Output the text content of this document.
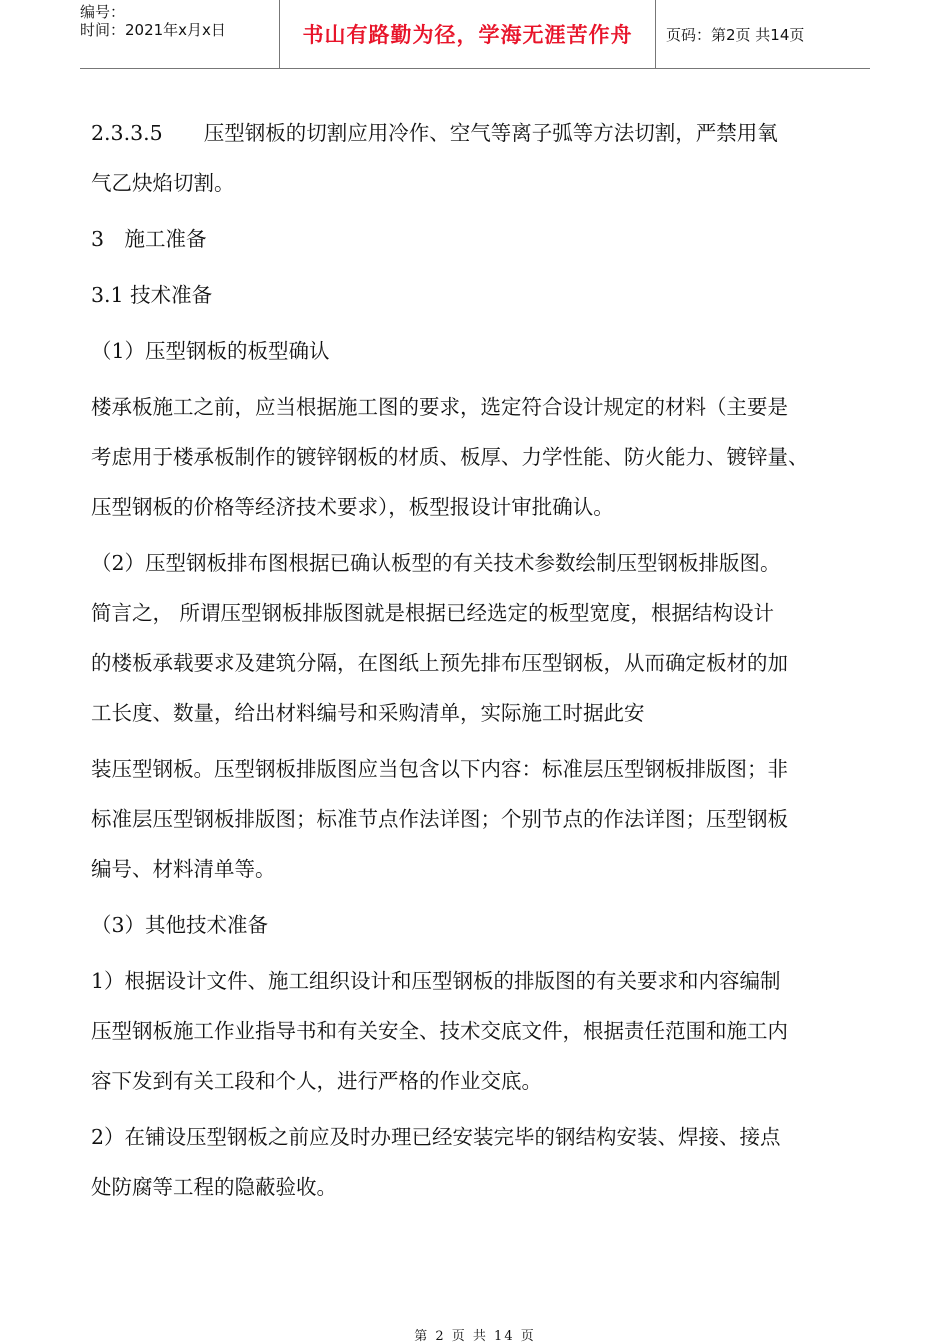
编号：
时间：2021年x月x日	书山有路勤为径，学海无涯苦作舟	页码：第2页 共14页

2.3.3.5　　压型钢板的切割应用冷作、空气等离子弧等方法切割，严禁用氧

气乙炔焰切割。

3　施工准备

3.1 技术准备

（1）压型钢板的板型确认

楼承板施工之前，应当根据施工图的要求，选定符合设计规定的材料（主要是

考虑用于楼承板制作的镀锌钢板的材质、板厚、力学性能、防火能力、镀锌量、

压型钢板的价格等经济技术要求），板型报设计审批确认。

（2）压型钢板排布图根据已确认板型的有关技术参数绘制压型钢板排版图。

简言之， 所谓压型钢板排版图就是根据已经选定的板型宽度，根据结构设计

的楼板承载要求及建筑分隔，在图纸上预先排布压型钢板，从而确定板材的加

工长度、数量，给出材料编号和采购清单，实际施工时据此安

装压型钢板。压型钢板排版图应当包含以下内容：标准层压型钢板排版图；非

标准层压型钢板排版图；标准节点作法详图；个别节点的作法详图；压型钢板

编号、材料清单等。

（3）其他技术准备

1）根据设计文件、施工组织设计和压型钢板的排版图的有关要求和内容编制

压型钢板施工作业指导书和有关安全、技术交底文件，根据责任范围和施工内

容下发到有关工段和个人，进行严格的作业交底。

2）在铺设压型钢板之前应及时办理已经安装完毕的钢结构安装、焊接、接点

处防腐等工程的隐蔽验收。

第 2 页 共 14 页
